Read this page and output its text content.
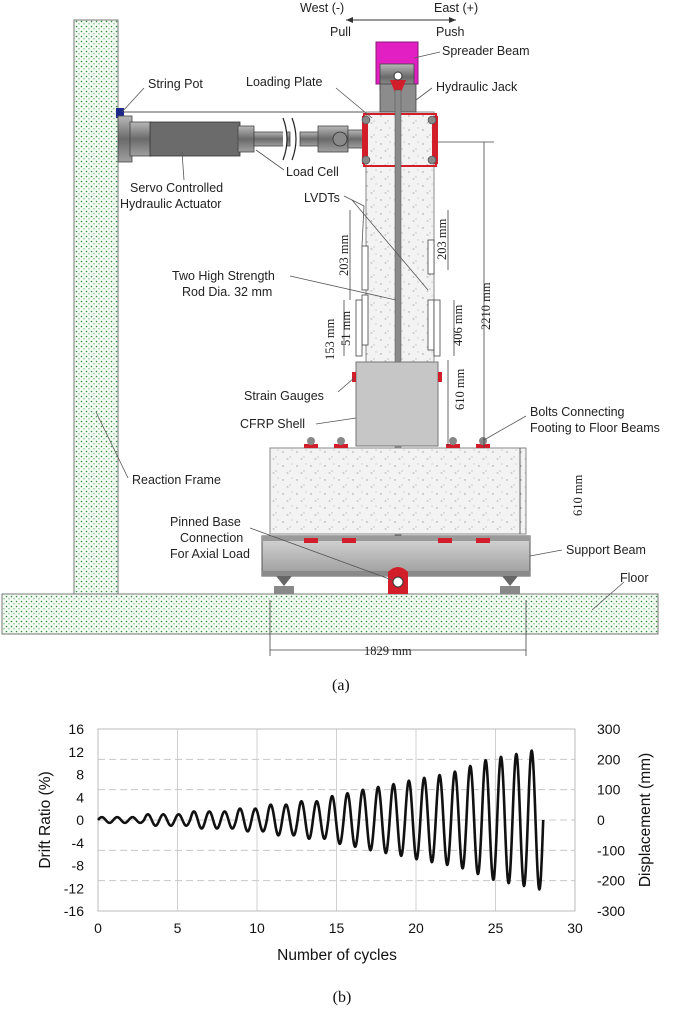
West (-)	East (+)
Pull	Push
Spreader Beam
String Pot	Loading Plate	Hydraulic Jack
Load Cell
Servo Controlled
Hydraulic Actuator	LVDTs
Two High Strength
Rod Dia. 32 mm
Strain Gauges
CFRP Shell
Bolts Connecting
Footing to Floor Beams
Reaction Frame
Pinned Base
Connection
For Axial Load	Support Beam
Floor
203 mm	203 mm
153 mm 51 mm	406 mm 2210 mm
610 mm
610 mm
1829 mm
(a)
0	5	10	15	20	25	30
300
200
100
0
-100
-200
-300
16
12
8
4
0
-4
-8
-12
-16
Drift Ratio (%)	Displacement (mm)
Number of cycles
(b)
